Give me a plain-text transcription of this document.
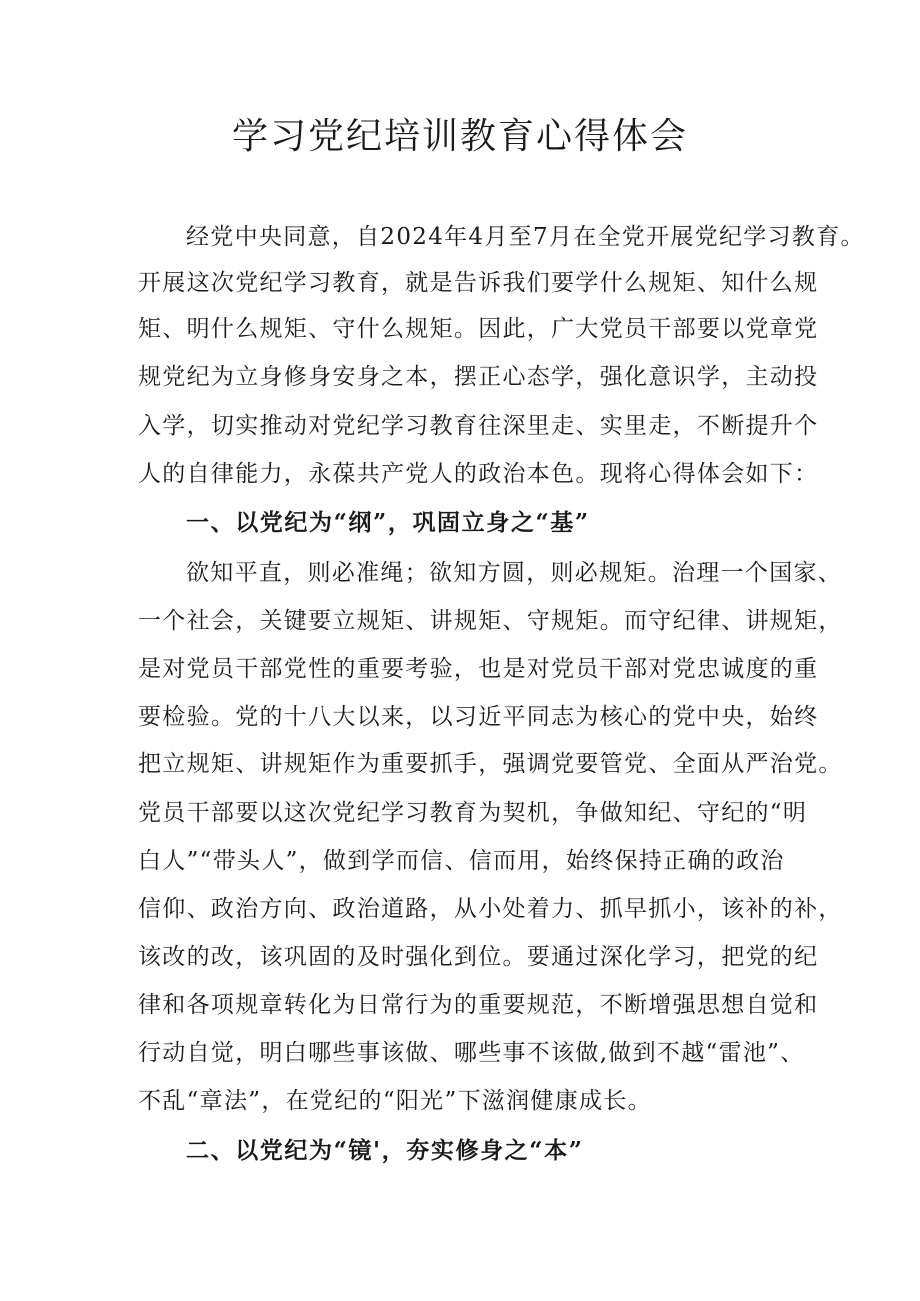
学习党纪培训教育心得体会

经党中央同意，自2024年4月至7月在全党开展党纪学习教育。

开展这次党纪学习教育，就是告诉我们要学什么规矩、知什么规

矩、明什么规矩、守什么规矩。因此，广大党员干部要以党章党

规党纪为立身修身安身之本，摆正心态学，强化意识学，主动投

入学，切实推动对党纪学习教育往深里走、实里走，不断提升个

人的自律能力，永葆共产党人的政治本色。现将心得体会如下：

一、以党纪为“纲”，巩固立身之“基”

欲知平直，则必准绳；欲知方圆，则必规矩。治理一个国家、

一个社会，关键要立规矩、讲规矩、守规矩。而守纪律、讲规矩，

是对党员干部党性的重要考验，也是对党员干部对党忠诚度的重

要检验。党的十八大以来，以习近平同志为核心的党中央，始终

把立规矩、讲规矩作为重要抓手，强调党要管党、全面从严治党。

党员干部要以这次党纪学习教育为契机，争做知纪、守纪的“明

白人”“带头人”，做到学而信、信而用，始终保持正确的政治

信仰、政治方向、政治道路，从小处着力、抓早抓小，该补的补，

该改的改，该巩固的及时强化到位。要通过深化学习，把党的纪

律和各项规章转化为日常行为的重要规范，不断增强思想自觉和

行动自觉，明白哪些事该做、哪些事不该做,做到不越“雷池”、

不乱“章法”，在党纪的“阳光”下滋润健康成长。

二、以党纪为“镜'，夯实修身之“本”
